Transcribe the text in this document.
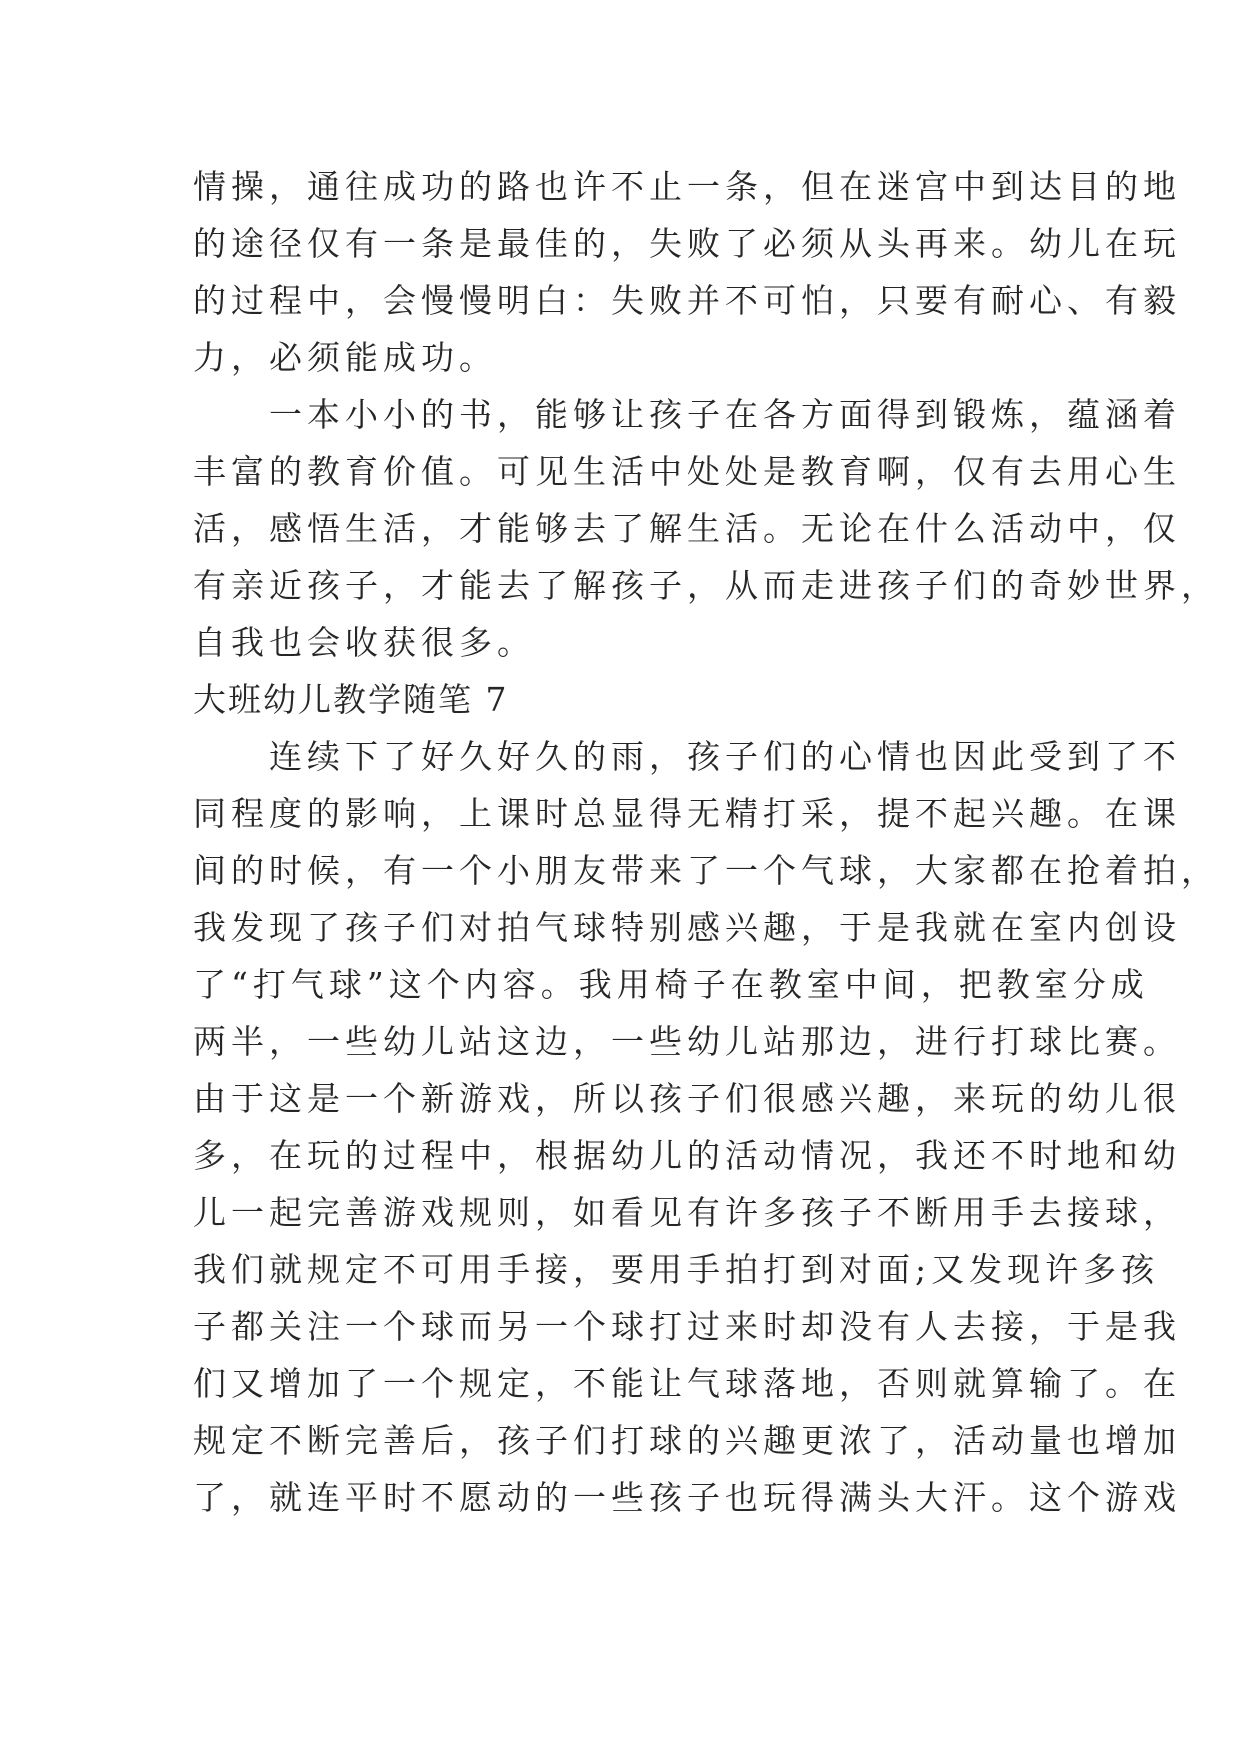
情操，通往成功的路也许不止一条，但在迷宫中到达目的地
的途径仅有一条是最佳的，失败了必须从头再来。幼儿在玩
的过程中，会慢慢明白：失败并不可怕，只要有耐心、有毅
力，必须能成功。
一本小小的书，能够让孩子在各方面得到锻炼，蕴涵着
丰富的教育价值。可见生活中处处是教育啊，仅有去用心生
活，感悟生活，才能够去了解生活。无论在什么活动中，仅
有亲近孩子，才能去了解孩子，从而走进孩子们的奇妙世界，
自我也会收获很多。
大班幼儿教学随笔 7
连续下了好久好久的雨，孩子们的心情也因此受到了不
同程度的影响，上课时总显得无精打采，提不起兴趣。在课
间的时候，有一个小朋友带来了一个气球，大家都在抢着拍，
我发现了孩子们对拍气球特别感兴趣，于是我就在室内创设
了“打气球”这个内容。我用椅子在教室中间，把教室分成
两半，一些幼儿站这边，一些幼儿站那边，进行打球比赛。
由于这是一个新游戏，所以孩子们很感兴趣，来玩的幼儿很
多，在玩的过程中，根据幼儿的活动情况，我还不时地和幼
儿一起完善游戏规则，如看见有许多孩子不断用手去接球，
我们就规定不可用手接，要用手拍打到对面;又发现许多孩
子都关注一个球而另一个球打过来时却没有人去接，于是我
们又增加了一个规定，不能让气球落地，否则就算输了。在
规定不断完善后，孩子们打球的兴趣更浓了，活动量也增加
了，就连平时不愿动的一些孩子也玩得满头大汗。这个游戏
